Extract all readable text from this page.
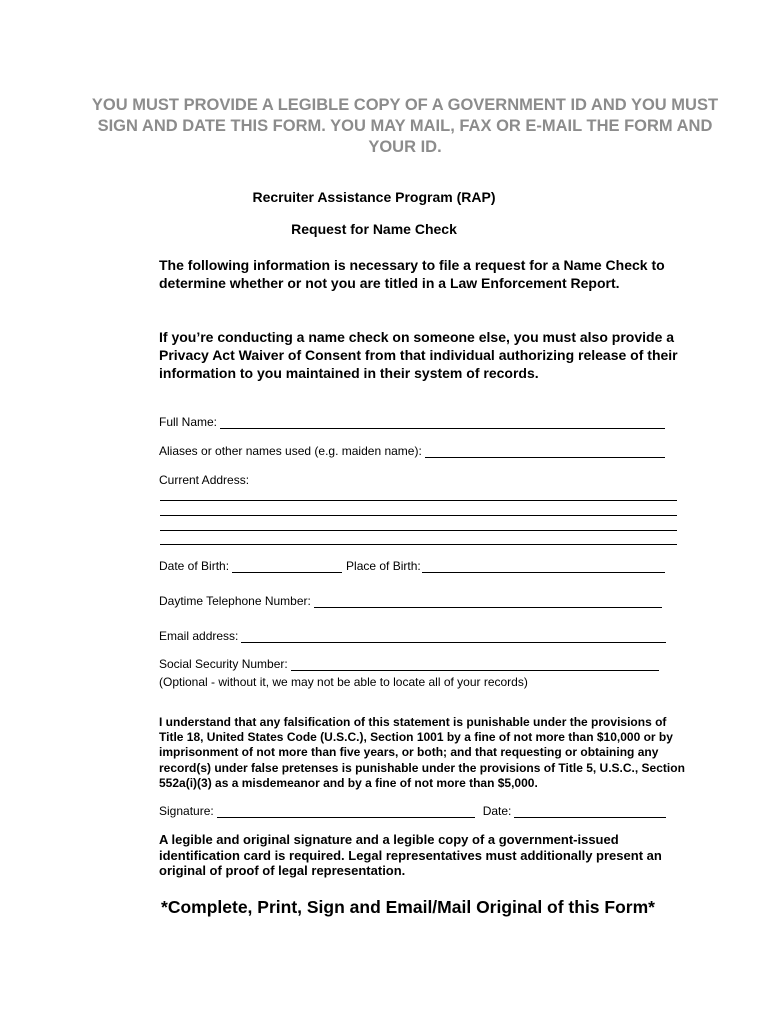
YOU MUST PROVIDE A LEGIBLE COPY OF A GOVERNMENT ID AND YOU MUST
SIGN AND DATE THIS FORM. YOU MAY MAIL, FAX OR E-MAIL THE FORM AND
YOUR ID.
Recruiter Assistance Program (RAP)
Request for Name Check
The following information is necessary to file a request for a Name Check to determine whether or not you are titled in a Law Enforcement Report.
If you’re conducting a name check on someone else, you must also provide a Privacy Act Waiver of Consent from that individual authorizing release of their information to you maintained in their system of records.
Full Name:
Aliases or other names used (e.g. maiden name):
Current Address:
Date of Birth:	Place of Birth:
Daytime Telephone Number:
Email address:
Social Security Number:
(Optional - without it, we may not be able to locate all of your records)
I understand that any falsification of this statement is punishable under the provisions of Title 18, United States Code (U.S.C.), Section 1001 by a fine of not more than $10,000 or by imprisonment of not more than five years, or both; and that requesting or obtaining any record(s) under false pretenses is punishable under the provisions of Title 5, U.S.C., Section 552a(i)(3) as a misdemeanor and by a fine of not more than $5,000.
Signature:	Date:
A legible and original signature and a legible copy of a government-issued identification card is required. Legal representatives must additionally present an original of proof of legal representation.
*Complete, Print, Sign and Email/Mail Original of this Form*
